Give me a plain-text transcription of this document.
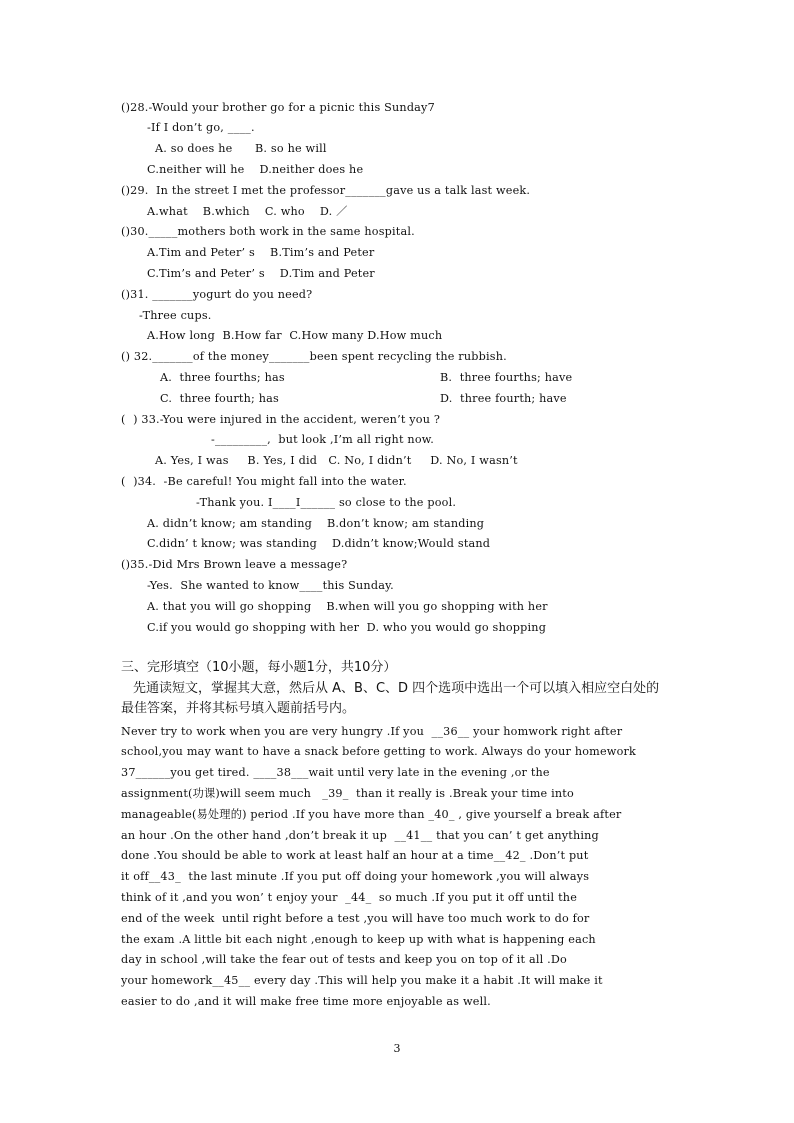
()28.-Would your brother go for a picnic this Sunday7
-If I don’t go, ____.
A. so does he      B. so he will
C.neither will he    D.neither does he
()29.  In the street I met the professor_______gave us a talk last week.
A.what    B.which    C. who    D. ／
()30._____mothers both work in the same hospital.
A.Tim and Peter’ s    B.Tim’s and Peter
C.Tim’s and Peter’ s    D.Tim and Peter
()31. _______yogurt do you need?
-Three cups.
A.How long  B.How far  C.How many D.How much
() 32._______of the money_______been spent recycling the rubbish.
A.  three fourths; has	B.  three fourths; have
C.  three fourth; has	D.  three fourth; have
(  ) 33.-You were injured in the accident, weren’t you ?
-_________,  but look ,I’m all right now.
A. Yes, I was     B. Yes, I did   C. No, I didn’t     D. No, I wasn’t
(  )34.  -Be careful! You might fall into the water.
-Thank you. I____I______ so close to the pool.
A. didn’t know; am standing    B.don’t know; am standing
C.didn’ t know; was standing    D.didn’t know;Would stand
()35.-Did Mrs Brown leave a message?
-Yes.  She wanted to know____this Sunday.
A. that you will go shopping    B.when will you go shopping with her
C.if you would go shopping with her  D. who you would go shopping
三、完形填空（10小题，每小题1分，共10分）
先通读短文，掌握其大意，然后从 A、B、C、D 四个选项中选出一个可以填入相应空白处的
最佳答案，并将其标号填入题前括号内。
Never try to work when you are very hungry .If you  __36__ your homwork right after
school,you may want to have a snack before getting to work. Always do your homework
37______you get tired. ____38___wait until very late in the evening ,or the
assignment(功课)will seem much   _39_  than it really is .Break your time into
manageable(易处理的) period .If you have more than _40_ , give yourself a break after
an hour .On the other hand ,don’t break it up  __41__ that you can’ t get anything
done .You should be able to work at least half an hour at a time__42_ .Don’t put
it off__43_  the last minute .If you put off doing your homework ,you will always
think of it ,and you won’ t enjoy your  _44_  so much .If you put it off until the
end of the week  until right before a test ,you will have too much work to do for
the exam .A little bit each night ,enough to keep up with what is happening each
day in school ,will take the fear out of tests and keep you on top of it all .Do
your homework__45__ every day .This will help you make it a habit .It will make it
easier to do ,and it will make free time more enjoyable as well.
3
